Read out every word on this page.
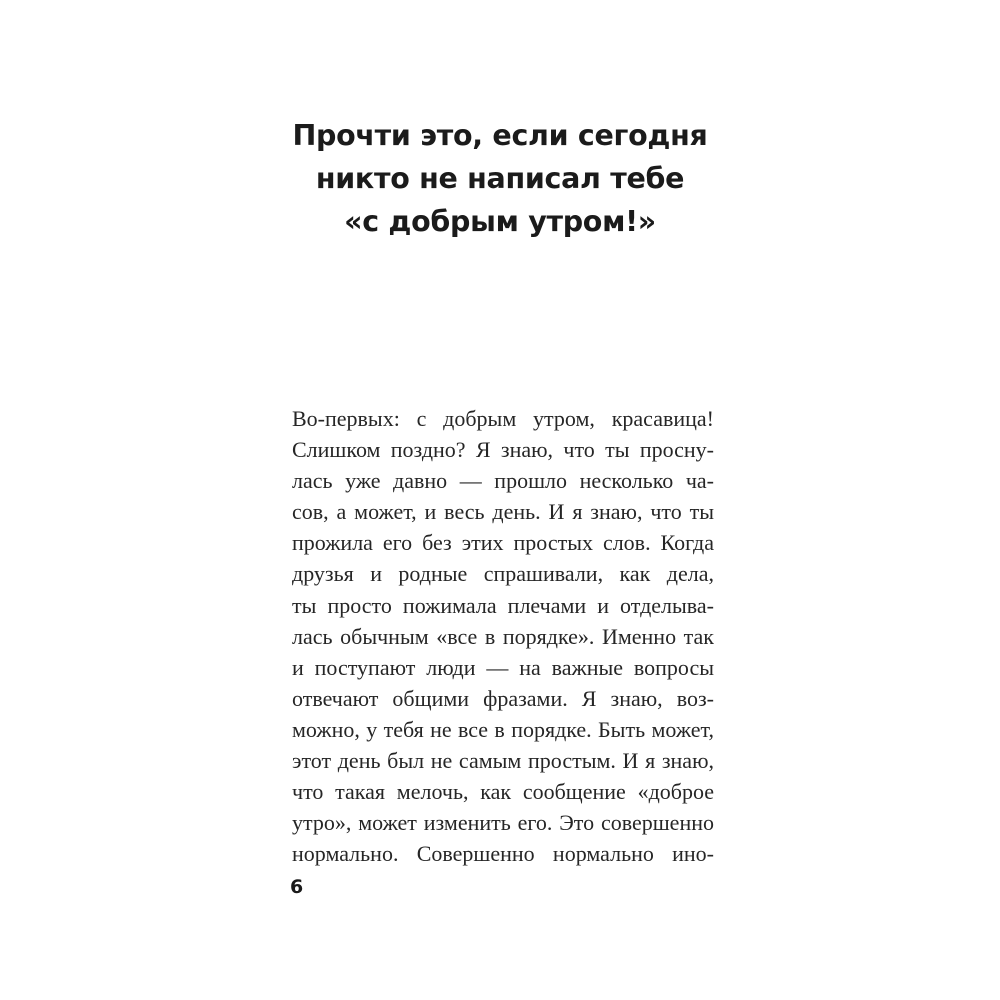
Прочти это, если сегодня
никто не написал тебе
«с добрым утром!»
Во-первых: с добрым утром, красавица!
Слишком поздно? Я знаю, что ты просну-
лась уже давно — прошло несколько ча-
сов, а может, и весь день. И я знаю, что ты
прожила его без этих простых слов. Когда
друзья и родные спрашивали, как дела,
ты просто пожимала плечами и отделыва-
лась обычным «все в порядке». Именно так
и поступают люди — на важные вопросы
отвечают общими фразами. Я знаю, воз-
можно, у тебя не все в порядке. Быть может,
этот день был не самым простым. И я знаю,
что такая мелочь, как сообщение «доброе
утро», может изменить его. Это совершенно
нормально. Совершенно нормально ино-
6
